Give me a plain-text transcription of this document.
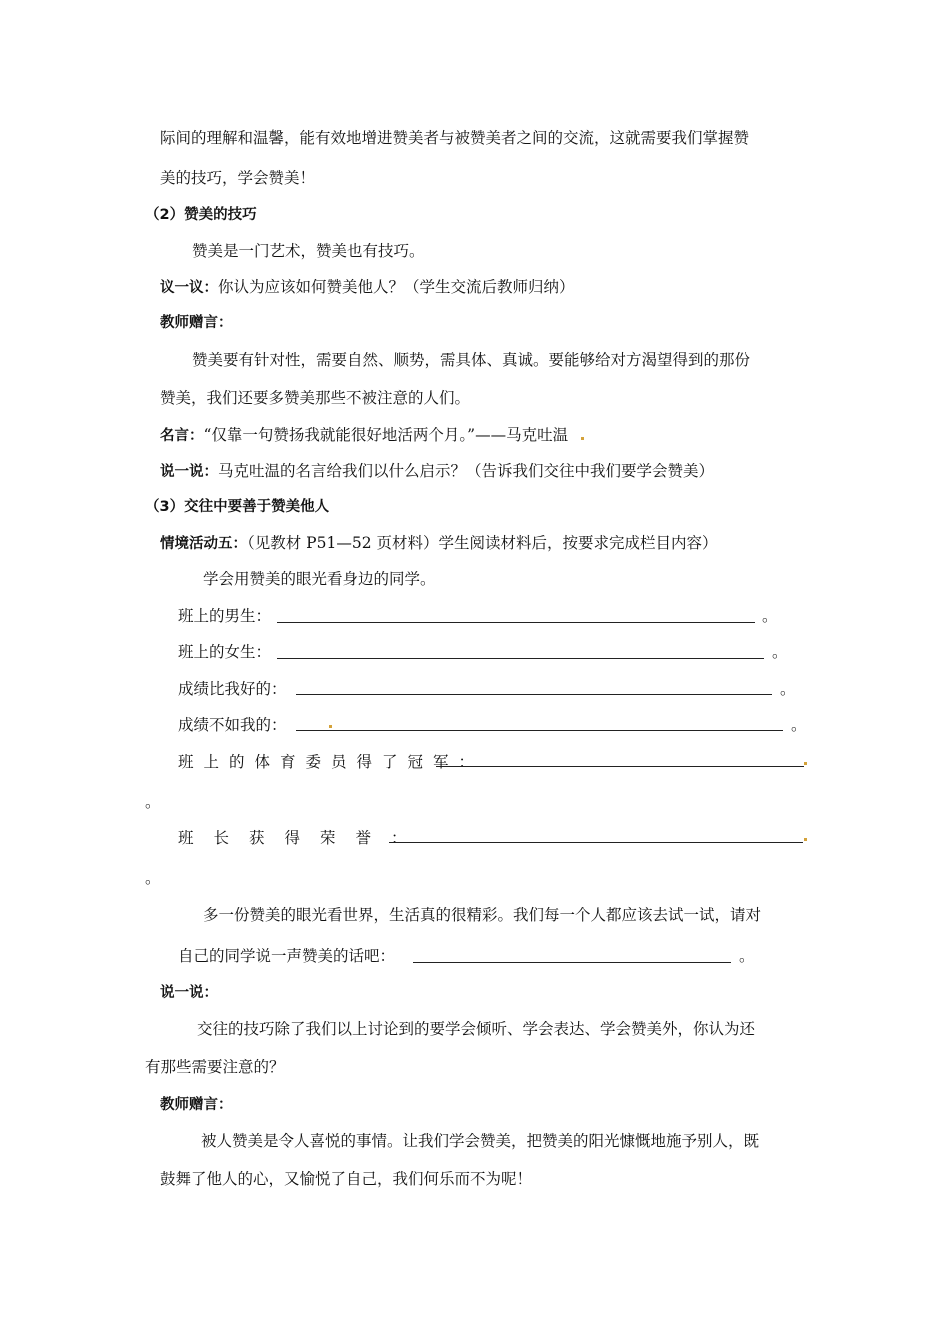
际间的理解和温馨，能有效地增进赞美者与被赞美者之间的交流，这就需要我们掌握赞
美的技巧，学会赞美！
（2）赞美的技巧
赞美是一门艺术，赞美也有技巧。
议一议：你认为应该如何赞美他人？（学生交流后教师归纳）
教师赠言：
赞美要有针对性，需要自然、顺势，需具体、真诚。要能够给对方渴望得到的那份
赞美，我们还要多赞美那些不被注意的人们。
名言：“仅靠一句赞扬我就能很好地活两个月。”——马克吐温
说一说：马克吐温的名言给我们以什么启示？（告诉我们交往中我们要学会赞美）
（3）交往中要善于赞美他人
情境活动五：（见教材 P51—52 页材料）学生阅读材料后，按要求完成栏目内容）
学会用赞美的眼光看身边的同学。
班上的男生：	。
班上的女生：	。
成绩比我好的：	。
成绩不如我的：	。
班上的体育委员得了冠军：
。
班长获得荣誉：
。
多一份赞美的眼光看世界，生活真的很精彩。我们每一个人都应该去试一试，请对
自己的同学说一声赞美的话吧：	。
说一说：
交往的技巧除了我们以上讨论到的要学会倾听、学会表达、学会赞美外，你认为还
有那些需要注意的？
教师赠言：
被人赞美是令人喜悦的事情。让我们学会赞美，把赞美的阳光慷慨地施予别人，既
鼓舞了他人的心，又愉悦了自己，我们何乐而不为呢！
